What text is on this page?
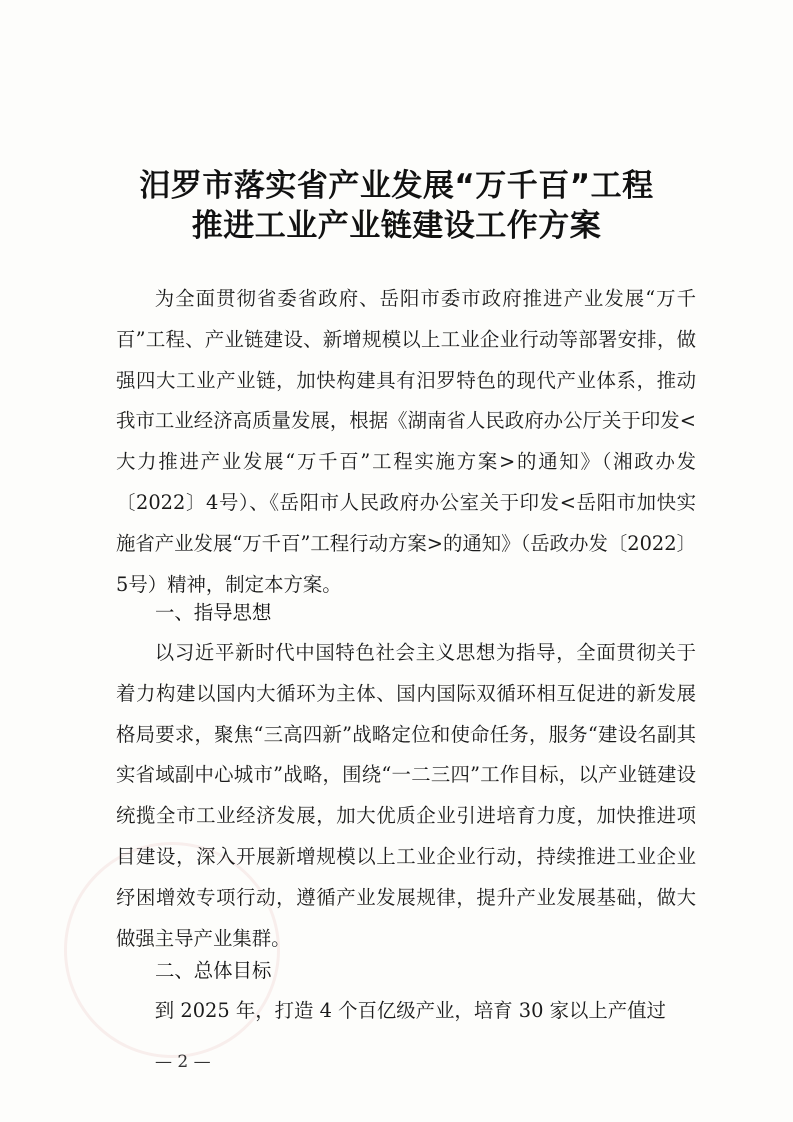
汨罗市落实省产业发展“万千百”工程
推进工业产业链建设工作方案

为全面贯彻省委省政府、岳阳市委市政府推进产业发展“万千百”工程、产业链建设、新增规模以上工业企业行动等部署安排，做强四大工业产业链，加快构建具有汨罗特色的现代产业体系，推动我市工业经济高质量发展，根据《湖南省人民政府办公厅关于印发<大力推进产业发展“万千百”工程实施方案>的通知》（湘政办发〔2022〕4号）、《岳阳市人民政府办公室关于印发<岳阳市加快实施省产业发展“万千百”工程行动方案>的通知》（岳政办发〔2022〕5号）精神，制定本方案。

一、指导思想

以习近平新时代中国特色社会主义思想为指导，全面贯彻关于着力构建以国内大循环为主体、国内国际双循环相互促进的新发展格局要求，聚焦“三高四新”战略定位和使命任务，服务“建设名副其实省域副中心城市”战略，围绕“一二三四”工作目标，以产业链建设统揽全市工业经济发展，加大优质企业引进培育力度，加快推进项目建设，深入开展新增规模以上工业企业行动，持续推进工业企业纾困增效专项行动，遵循产业发展规律，提升产业发展基础，做大做强主导产业集群。

二、总体目标

到 2025 年，打造 4 个百亿级产业，培育 30 家以上产值过

— 2 —
